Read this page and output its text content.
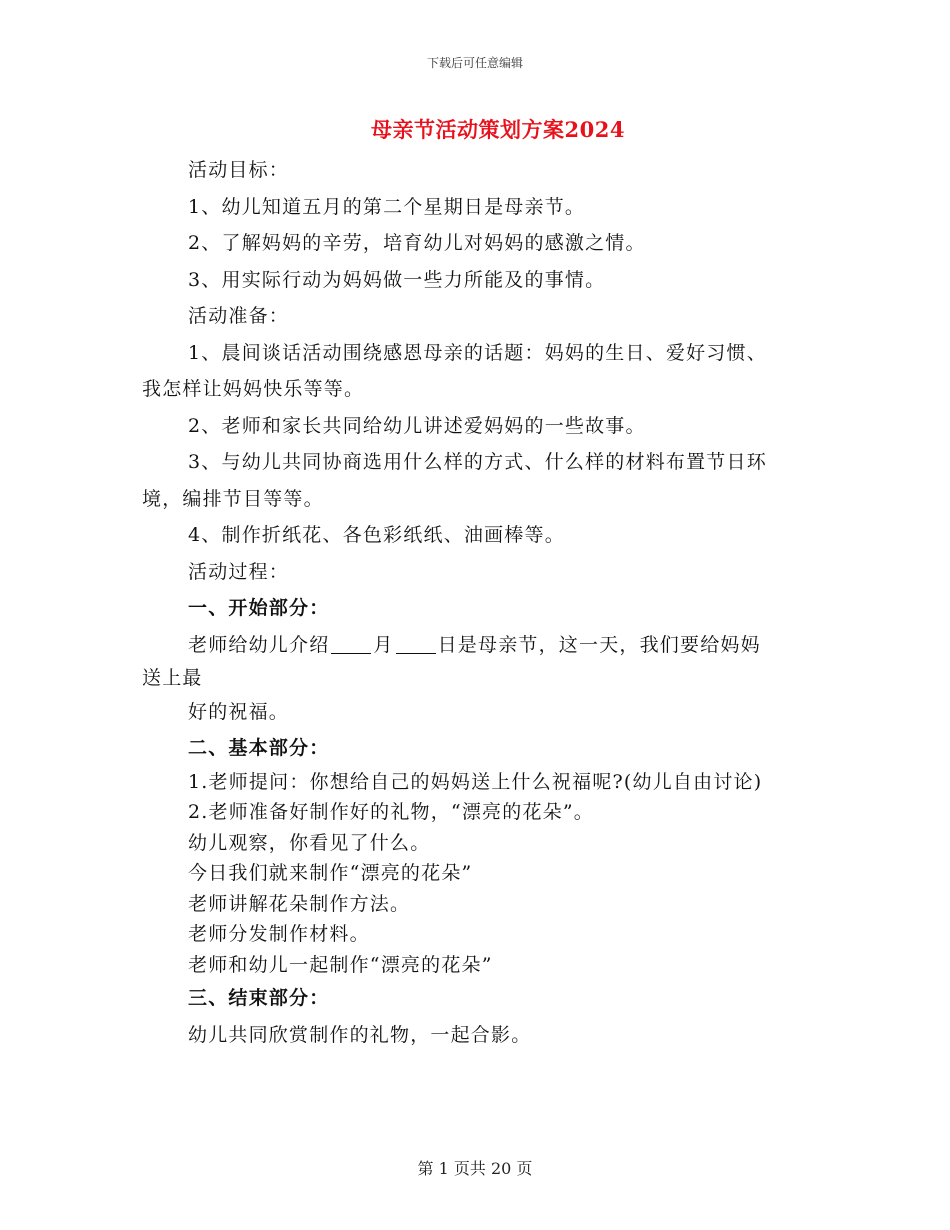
下载后可任意编辑
母亲节活动策划方案2024
活动目标：
1、幼儿知道五月的第二个星期日是母亲节。
2、了解妈妈的辛劳，培育幼儿对妈妈的感激之情。
3、用实际行动为妈妈做一些力所能及的事情。
活动准备：
1、晨间谈话活动围绕感恩母亲的话题：妈妈的生日、爱好习惯、
我怎样让妈妈快乐等等。
2、老师和家长共同给幼儿讲述爱妈妈的一些故事。
3、与幼儿共同协商选用什么样的方式、什么样的材料布置节日环
境，编排节目等等。
4、制作折纸花、各色彩纸纸、油画棒等。
活动过程：
一、开始部分：
老师给幼儿介绍 月 日是母亲节，这一天，我们要给妈妈
送上最
好的祝福。
二、基本部分：
1.老师提问：你想给自己的妈妈送上什么祝福呢?(幼儿自由讨论)
2.老师准备好制作好的礼物，“漂亮的花朵”。
幼儿观察，你看见了什么。
今日我们就来制作“漂亮的花朵”
老师讲解花朵制作方法。
老师分发制作材料。
老师和幼儿一起制作“漂亮的花朵”
三、结束部分：
幼儿共同欣赏制作的礼物，一起合影。
第 1 页共 20 页
